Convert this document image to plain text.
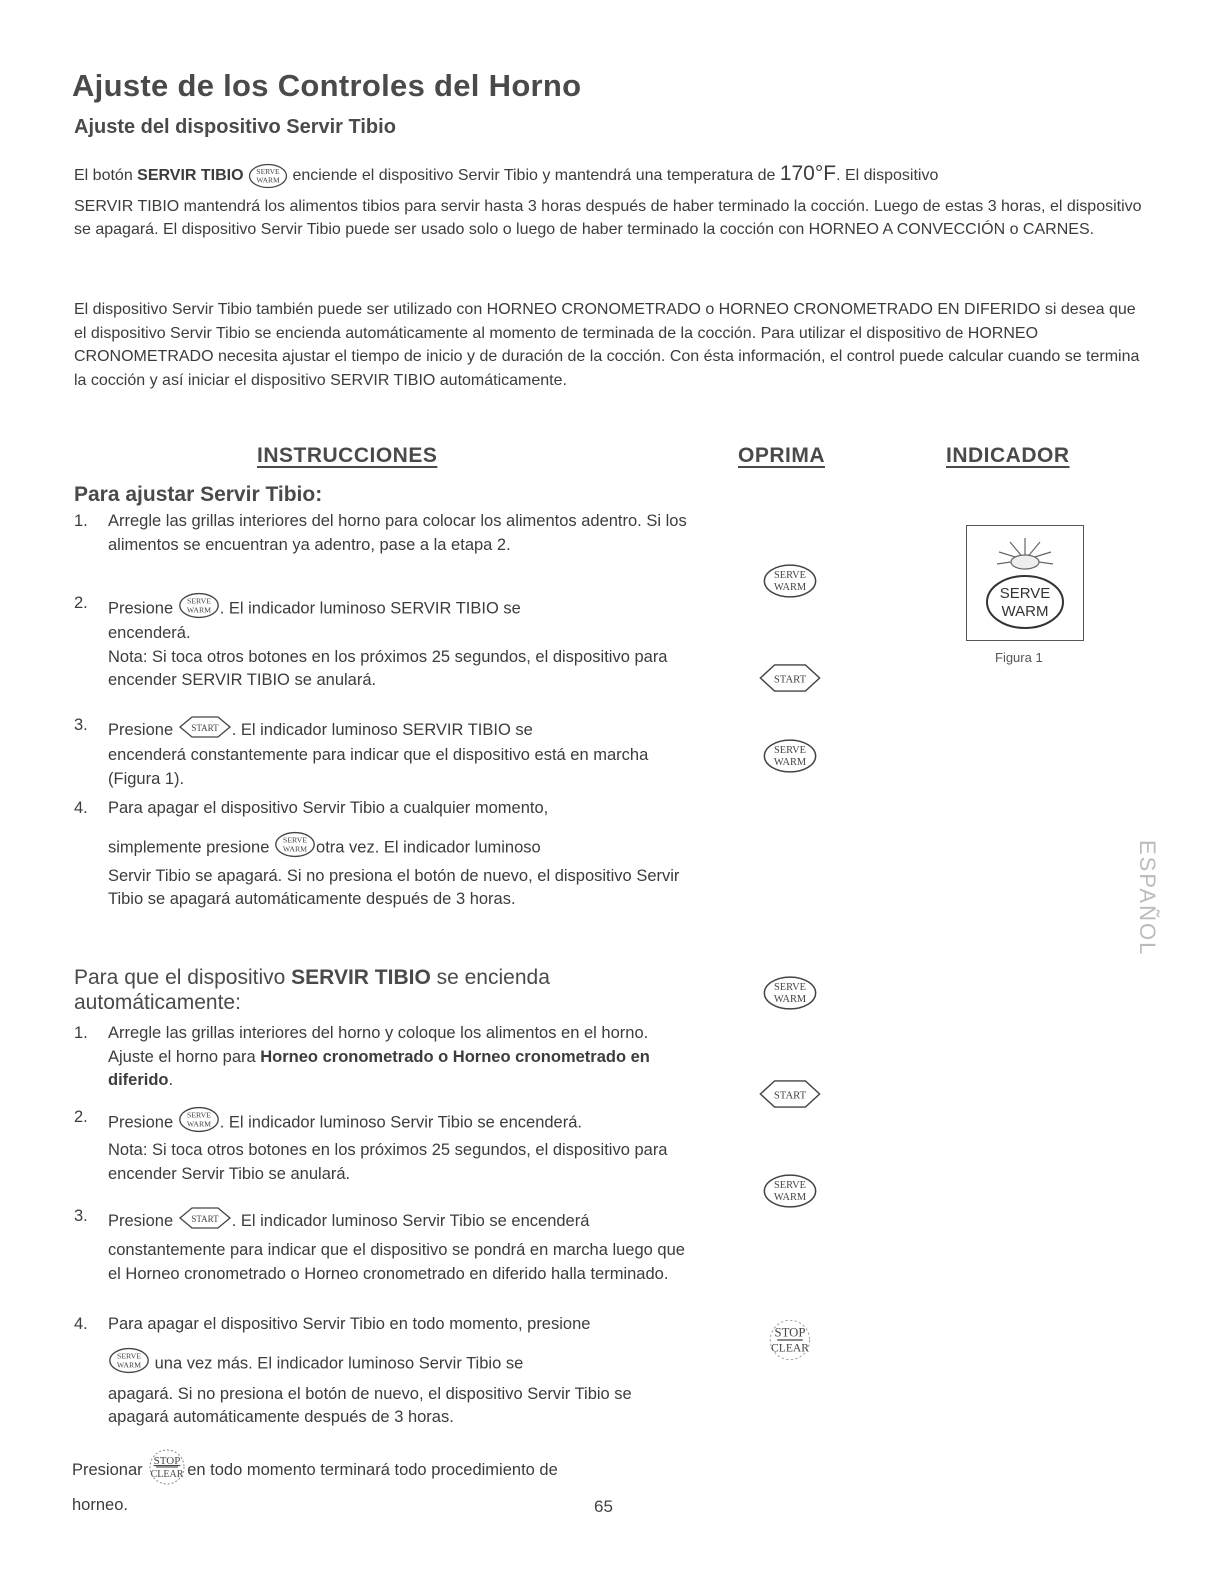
Ajuste de los Controles del Horno
Ajuste del dispositivo Servir Tibio
El botón SERVIR TIBIO SERVE
WARM enciende el dispositivo Servir Tibio y mantendrá una temperatura de 170°F. El dispositivo
SERVIR TIBIO mantendrá los alimentos tibios para servir hasta 3 horas después de haber terminado la cocción. Luego de estas 3 horas, el dispositivo se apagará. El dispositivo Servir Tibio puede ser usado solo o luego de haber terminado la cocción con HORNEO A CONVECCIÓN o CARNES.
El dispositivo Servir Tibio también puede ser utilizado con HORNEO CRONOMETRADO o HORNEO CRONOMETRADO EN DIFERIDO si desea que el dispositivo Servir Tibio se encienda automáticamente al momento de terminada de la cocción. Para utilizar el dispositivo de HORNEO CRONOMETRADO necesita ajustar el tiempo de inicio y de duración de la cocción. Con ésta información, el control puede calcular cuando se termina la cocción y así iniciar el dispositivo SERVIR TIBIO automáticamente.
INSTRUCCIONES	OPRIMA	INDICADOR
Para ajustar Servir Tibio:
1. Arregle las grillas interiores del horno para colocar los alimentos adentro. Si los alimentos se encuentran ya adentro, pase a la etapa 2.
2. Presione SERVE
WARM . El indicador luminoso SERVIR TIBIO se
encenderá.
Nota: Si toca otros botones en los próximos 25 segundos, el dispositivo para encender SERVIR TIBIO se anulará.
3. Presione START . El indicador luminoso SERVIR TIBIO se
encenderá constantemente para indicar que el dispositivo está en marcha (Figura 1).
4. Para apagar el dispositivo Servir Tibio a cualquier momento,
simplemente presione SERVE
WARM otra vez. El indicador luminoso
Servir Tibio se apagará. Si no presiona el botón de nuevo, el dispositivo Servir Tibio se apagará automáticamente después de 3 horas.
Para que el dispositivo SERVIR TIBIO se encienda automáticamente:
1. Arregle las grillas interiores del horno y coloque los alimentos en el horno. Ajuste el horno para Horneo cronometrado o Horneo cronometrado en diferido.
2. Presione SERVE
WARM . El indicador luminoso Servir Tibio se encenderá.
Nota: Si toca otros botones en los próximos 25 segundos, el dispositivo para encender Servir Tibio se anulará.
3. Presione START . El indicador luminoso Servir Tibio se encenderá
constantemente para indicar que el dispositivo se pondrá en marcha luego que el Horneo cronometrado o Horneo cronometrado en diferido halla terminado.
4. Para apagar el dispositivo Servir Tibio en todo momento, presione
SERVE
WARM una vez más. El indicador luminoso Servir Tibio se
apagará. Si no presiona el botón de nuevo, el dispositivo Servir Tibio se apagará automáticamente después de 3 horas.
Presionar
STOP
CLEAR en todo momento terminará todo procedimiento de
horneo.
SERVE
WARM
START
SERVE
WARM
SERVE
WARM
START
SERVE
WARM
STOP
CLEAR
SERVE
WARM
Figura 1
ESPAÑOL
65
